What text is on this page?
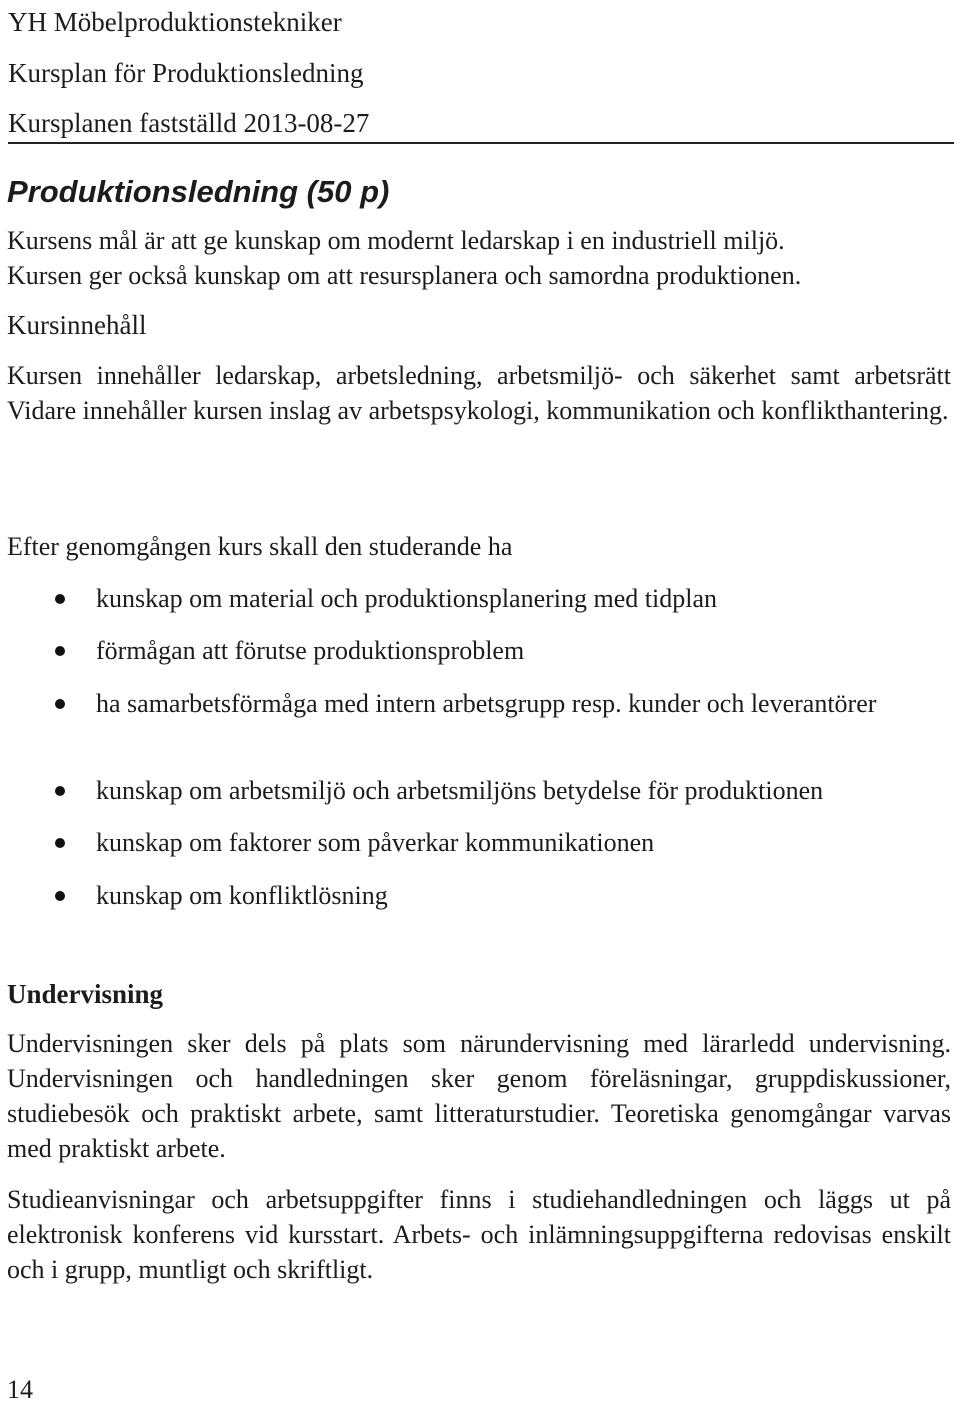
YH Möbelproduktionstekniker
Kursplan för Produktionsledning
Kursplanen fastställd 2013-08-27
Produktionsledning (50 p)

Kursens mål är att ge kunskap om modernt ledarskap i en industriell miljö.

Kursen ger också kunskap om att resursplanera och samordna produktionen.

Kursinnehåll

Kursen innehåller ledarskap, arbetsledning, arbetsmiljö- och säkerhet samt arbetsrätt Vidare innehåller kursen inslag av arbetspsykologi, kommunikation och konflikthantering.

Efter genomgången kurs skall den studerande ha

kunskap om material och produktionsplanering med tidplan
förmågan att förutse produktionsproblem
ha samarbetsförmåga med intern arbetsgrupp resp. kunder och leverantörer
kunskap om arbetsmiljö och arbetsmiljöns betydelse för produktionen
kunskap om faktorer som påverkar kommunikationen
kunskap om konfliktlösning
Undervisning

Undervisningen sker dels på plats som närundervisning med lärarledd undervisning. Undervisningen och handledningen sker genom föreläsningar, gruppdiskussioner, studiebesök och praktiskt arbete, samt litteraturstudier. Teoretiska genomgångar varvas med praktiskt arbete.

Studieanvisningar och arbetsuppgifter finns i studiehandledningen och läggs ut på elektronisk konferens vid kursstart. Arbets- och inlämningsuppgifterna redovisas enskilt och i grupp, muntligt och skriftligt.

14
